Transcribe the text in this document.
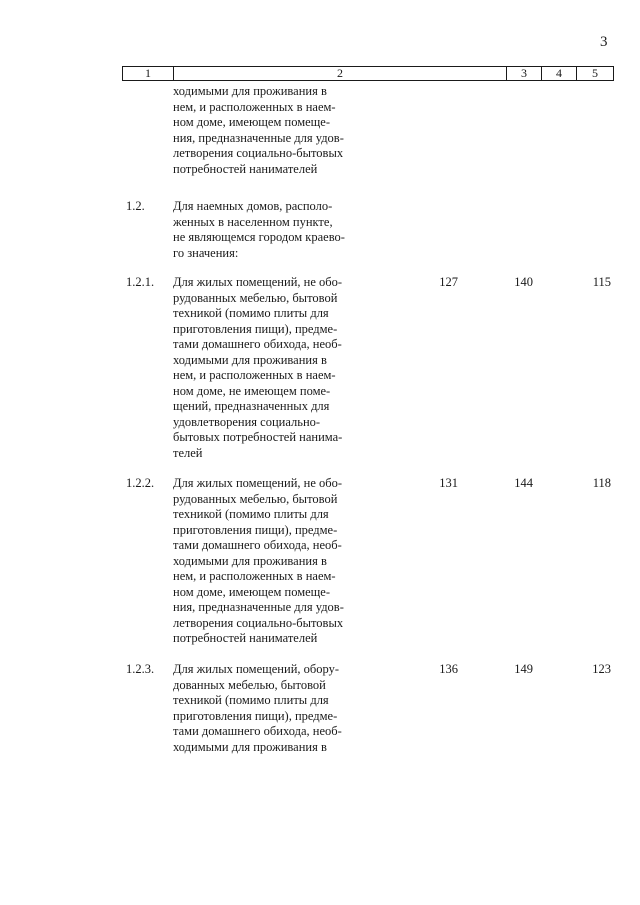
3
1	2	3	4	5
ходимыми для проживания в
нем, и расположенных в наем-
ном доме, имеющем помеще-
ния, предназначенные для удов-
летворения социально-бытовых
потребностей нанимателей
1.2. Для наемных домов, располо-
женных в населенном пункте,
не являющемся городом краево-
го значения:
1.2.1. Для жилых помещений, не обо-
рудованных мебелью, бытовой
техникой (помимо плиты для
приготовления пищи), предме-
тами домашнего обихода, необ-
ходимыми для проживания в
нем, и расположенных в наем-
ном доме, не имеющем поме-
щений, предназначенных для
удовлетворения социально-
бытовых потребностей нанима-
телей
127	140	115
1.2.2. Для жилых помещений, не обо-
рудованных мебелью, бытовой
техникой (помимо плиты для
приготовления пищи), предме-
тами домашнего обихода, необ-
ходимыми для проживания в
нем, и расположенных в наем-
ном доме, имеющем помеще-
ния, предназначенные для удов-
летворения социально-бытовых
потребностей нанимателей
131	144	118
1.2.3. Для жилых помещений, обору-
дованных мебелью, бытовой
техникой (помимо плиты для
приготовления пищи), предме-
тами домашнего обихода, необ-
ходимыми для проживания в
136	149	123
